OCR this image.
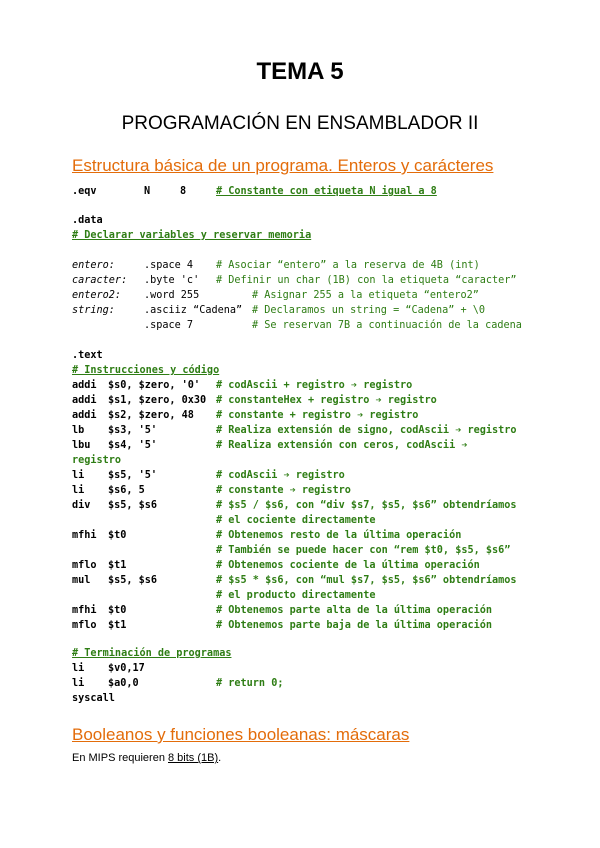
TEMA 5
PROGRAMACIÓN EN ENSAMBLADOR II
Estructura básica de un programa. Enteros y carácteres
.eqv	N	8	# Constante con etiqueta N igual a 8
.data
# Declarar variables y reservar memoria
entero:	.space 4 # Asociar “entero” a la reserva de 4B (int)
caracter: .byte 'c' # Definir un char (1B) con la etiqueta “caracter”
entero2: .word 255	# Asignar 255 a la etiqueta “entero2”
string:	.asciiz “Cadena” # Declaramos un string = “Cadena” + \0
.space 7	# Se reservan 7B a continuación de la cadena
.text
# Instrucciones y código
addi $s0, $zero, '0' # codAscii + registro ➔ registro
addi $s1, $zero, 0x30 # constanteHex + registro ➔ registro
addi $s2, $zero, 48 # constante + registro ➔ registro
lb $s3, '5'	# Realiza extensión de signo, codAscii ➔ registro
lbu $s4, '5'	# Realiza extensión con ceros, codAscii ➔
registro
li $s5, '5'	# codAscii ➔ registro
li $s6, 5	# constante ➔ registro
div $s5, $s6	# $s5 / $s6, con “div $s7, $s5, $s6” obtendríamos
# el cociente directamente
mfhi $t0	# Obtenemos resto de la última operación
# También se puede hacer con “rem $t0, $s5, $s6”
mflo $t1	# Obtenemos cociente de la última operación
mul $s5, $s6	# $s5 * $s6, con “mul $s7, $s5, $s6” obtendríamos
# el producto directamente
mfhi $t0	# Obtenemos parte alta de la última operación
mflo $t1	# Obtenemos parte baja de la última operación
# Terminación de programas
li $v0,17
li $a0,0	# return 0;
syscall
Booleanos y funciones booleanas: máscaras
En MIPS requieren 8 bits (1B).
